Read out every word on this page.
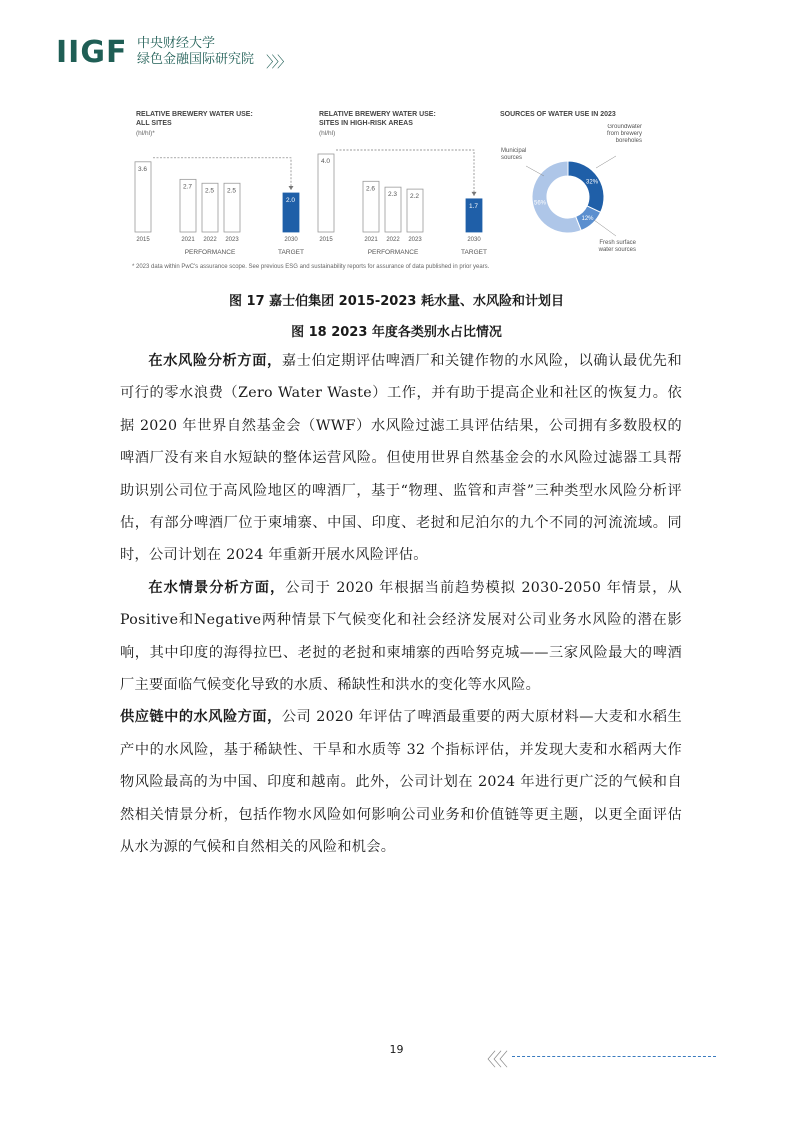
IIGF 中央财经大学
绿色金融国际研究院 〉〉〉
RELATIVE BREWERY WATER USE:
ALL SITES
(hl/hl)*
3.6
2015
2.7
2021
2.5
2022
2.5
2023
2.0
2030
PERFORMANCE	TARGET
RELATIVE BREWERY WATER USE:
SITES IN HIGH-RISK AREAS
(hl/hl)
4.0
2015
2.6
2021
2.3
2022
2.2
2023
1.7
2030
PERFORMANCE	TARGET
SOURCES OF WATER USE IN 2023
56%
32%
12%
Municipal
sources
Groundwater
from brewery
boreholes
Fresh surface
water sources
* 2023 data within PwC's assurance scope. See previous ESG and sustainability reports for assurance of data published in prior years.
图 17 嘉士伯集团 2015-2023 耗水量、水风险和计划目
图 18 2023 年度各类别水占比情况

在水风险分析方面，嘉士伯定期评估啤酒厂和关键作物的水风险，以确认最优先和可行的零水浪费（Zero Water Waste）工作，并有助于提高企业和社区的恢复力。依据 2020 年世界自然基金会（WWF）水风险过滤工具评估结果，公司拥有多数股权的啤酒厂没有来自水短缺的整体运营风险。但使用世界自然基金会的水风险过滤器工具帮助识别公司位于高风险地区的啤酒厂，基于“物理、监管和声誉”三种类型水风险分析评估，有部分啤酒厂位于柬埔寨、中国、印度、老挝和尼泊尔的九个不同的河流流域。同时，公司计划在 2024 年重新开展水风险评估。

在水情景分析方面，公司于 2020 年根据当前趋势模拟 2030-2050 年情景，从Positive和Negative两种情景下气候变化和社会经济发展对公司业务水风险的潜在影响，其中印度的海得拉巴、老挝的老挝和柬埔寨的西哈努克城——三家风险最大的啤酒厂主要面临气候变化导致的水质、稀缺性和洪水的变化等水风险。

供应链中的水风险方面，公司 2020 年评估了啤酒最重要的两大原材料—大麦和水稻生产中的水风险，基于稀缺性、干旱和水质等 32 个指标评估，并发现大麦和水稻两大作物风险最高的为中国、印度和越南。此外，公司计划在 2024 年进行更广泛的气候和自然相关情景分析，包括作物水风险如何影响公司业务和价值链等更主题，以更全面评估从水为源的气候和自然相关的风险和机会。

19
〈〈〈
